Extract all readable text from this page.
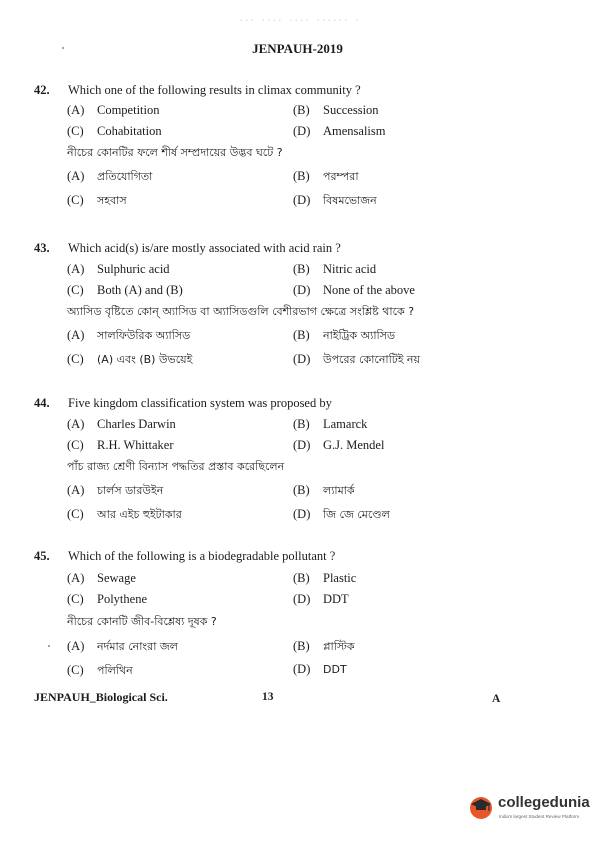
··· ···· ···· ······ ·
JENPAUH-2019
42. Which one of the following results in climax community ?
(A) Competition	(B) Succession
(C) Cohabitation	(D) Amensalism
নীচের কোনটির ফলে শীর্ষ সম্প্রদায়ের উদ্ভব ঘটে ?
(A) প্রতিযোগিতা	(B) পরম্পরা
(C) সহবাস	(D) বিষমভোজন
43. Which acid(s) is/are mostly associated with acid rain ?
(A) Sulphuric acid	(B) Nitric acid
(C) Both (A) and (B)	(D) None of the above
অ্যাসিড বৃষ্টিতে কোন্ অ্যাসিড বা অ্যাসিডগুলি বেশীরভাগ ক্ষেত্রে সংশ্লিষ্ট থাকে ?
(A) সালফিউরিক অ্যাসিড	(B) নাইট্রিক অ্যাসিড
(C) (A) এবং (B) উভয়েই	(D) উপরের কোনোটিই নয়
44. Five kingdom classification system was proposed by
(A) Charles Darwin	(B) Lamarck
(C) R.H. Whittaker	(D) G.J. Mendel
পাঁচ রাজ্য শ্রেণী বিন্যাস পদ্ধতির প্রস্তাব করেছিলেন
(A) চার্লস ডারউইন	(B) ল্যামার্ক
(C) আর এইচ হুইটাকার	(D) জি জে মেণ্ডেল
45. Which of the following is a biodegradable pollutant ?
(A) Sewage	(B) Plastic
(C) Polythene	(D) DDT
নীচের কোনটি জীব-বিশ্লেষ্য দূষক ?
(A) নর্দমার নোংরা জল	(B) প্লাস্টিক
(C) পলিথিন	(D) DDT
JENPAUH_Biological Sci.	13	A
collegedunia
India's largest Student Review Platform
